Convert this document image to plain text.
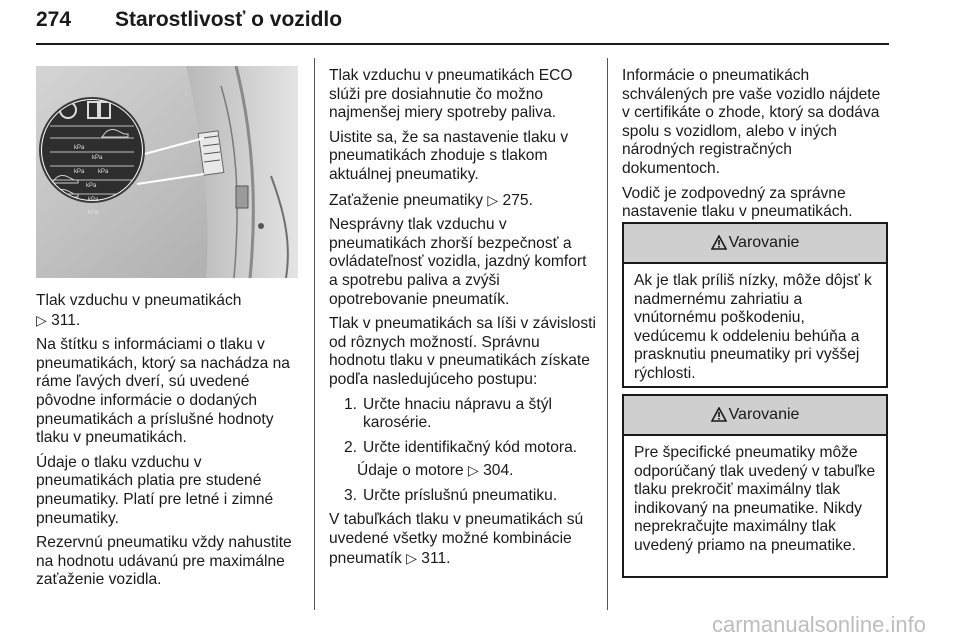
274 Starostlivosť o vozidlo
kPa
kPa
kPa kPa
kPa
kPa
kPa

Tlak vzduchu v pneumatikách
▷ 311.

Na štítku s informáciami o tlaku v pneumatikách, ktorý sa nachádza na ráme ľavých dverí, sú uvedené pôvodne informácie o dodaných pneumatikách a príslušné hodnoty tlaku v pneumatikách.

Údaje o tlaku vzduchu v pneumatikách platia pre studené pneumatiky. Platí pre letné i zimné pneumatiky.

Rezervnú pneumatiku vždy nahustite na hodnotu udávanú pre maximálne zaťaženie vozidla.

Tlak vzduchu v pneumatikách ECO slúži pre dosiahnutie čo možno najmenšej miery spotreby paliva.

Uistite sa, že sa nastavenie tlaku v pneumatikách zhoduje s tlakom aktuálnej pneumatiky.

Zaťaženie pneumatiky ▷ 275.

Nesprávny tlak vzduchu v pneumatikách zhorší bezpečnosť a ovládateľnosť vozidla, jazdný komfort a spotrebu paliva a zvýši opotrebovanie pneumatík.

Tlak v pneumatikách sa líši v závislosti od rôznych možností. Správnu hodnotu tlaku v pneumatikách získate podľa nasledujúceho postupu:

1. Určte hnaciu nápravu a štýl karosérie.
2. Určte identifikačný kód motora.
Údaje o motore ▷ 304.
3. Určte príslušnú pneumatiku.

V tabuľkách tlaku v pneumatikách sú uvedené všetky možné kombinácie pneumatík ▷ 311.

Informácie o pneumatikách schválených pre vaše vozidlo nájdete v certifikáte o zhode, ktorý sa dodáva spolu s vozidlom, alebo v iných národných registračných dokumentoch.

Vodič je zodpovedný za správne nastavenie tlaku v pneumatikách.

Varovanie
Ak je tlak príliš nízky, môže dôjsť k nadmernému zahriatiu a vnútornému poškodeniu, vedúcemu k oddeleniu behúňa a prasknutiu pneumatiky pri vyššej rýchlosti.
Varovanie
Pre špecifické pneumatiky môže odporúčaný tlak uvedený v tabuľke tlaku prekročiť maximálny tlak indikovaný na pneumatike. Nikdy neprekračujte maximálny tlak uvedený priamo na pneumatike.
carmanualsonline.info
